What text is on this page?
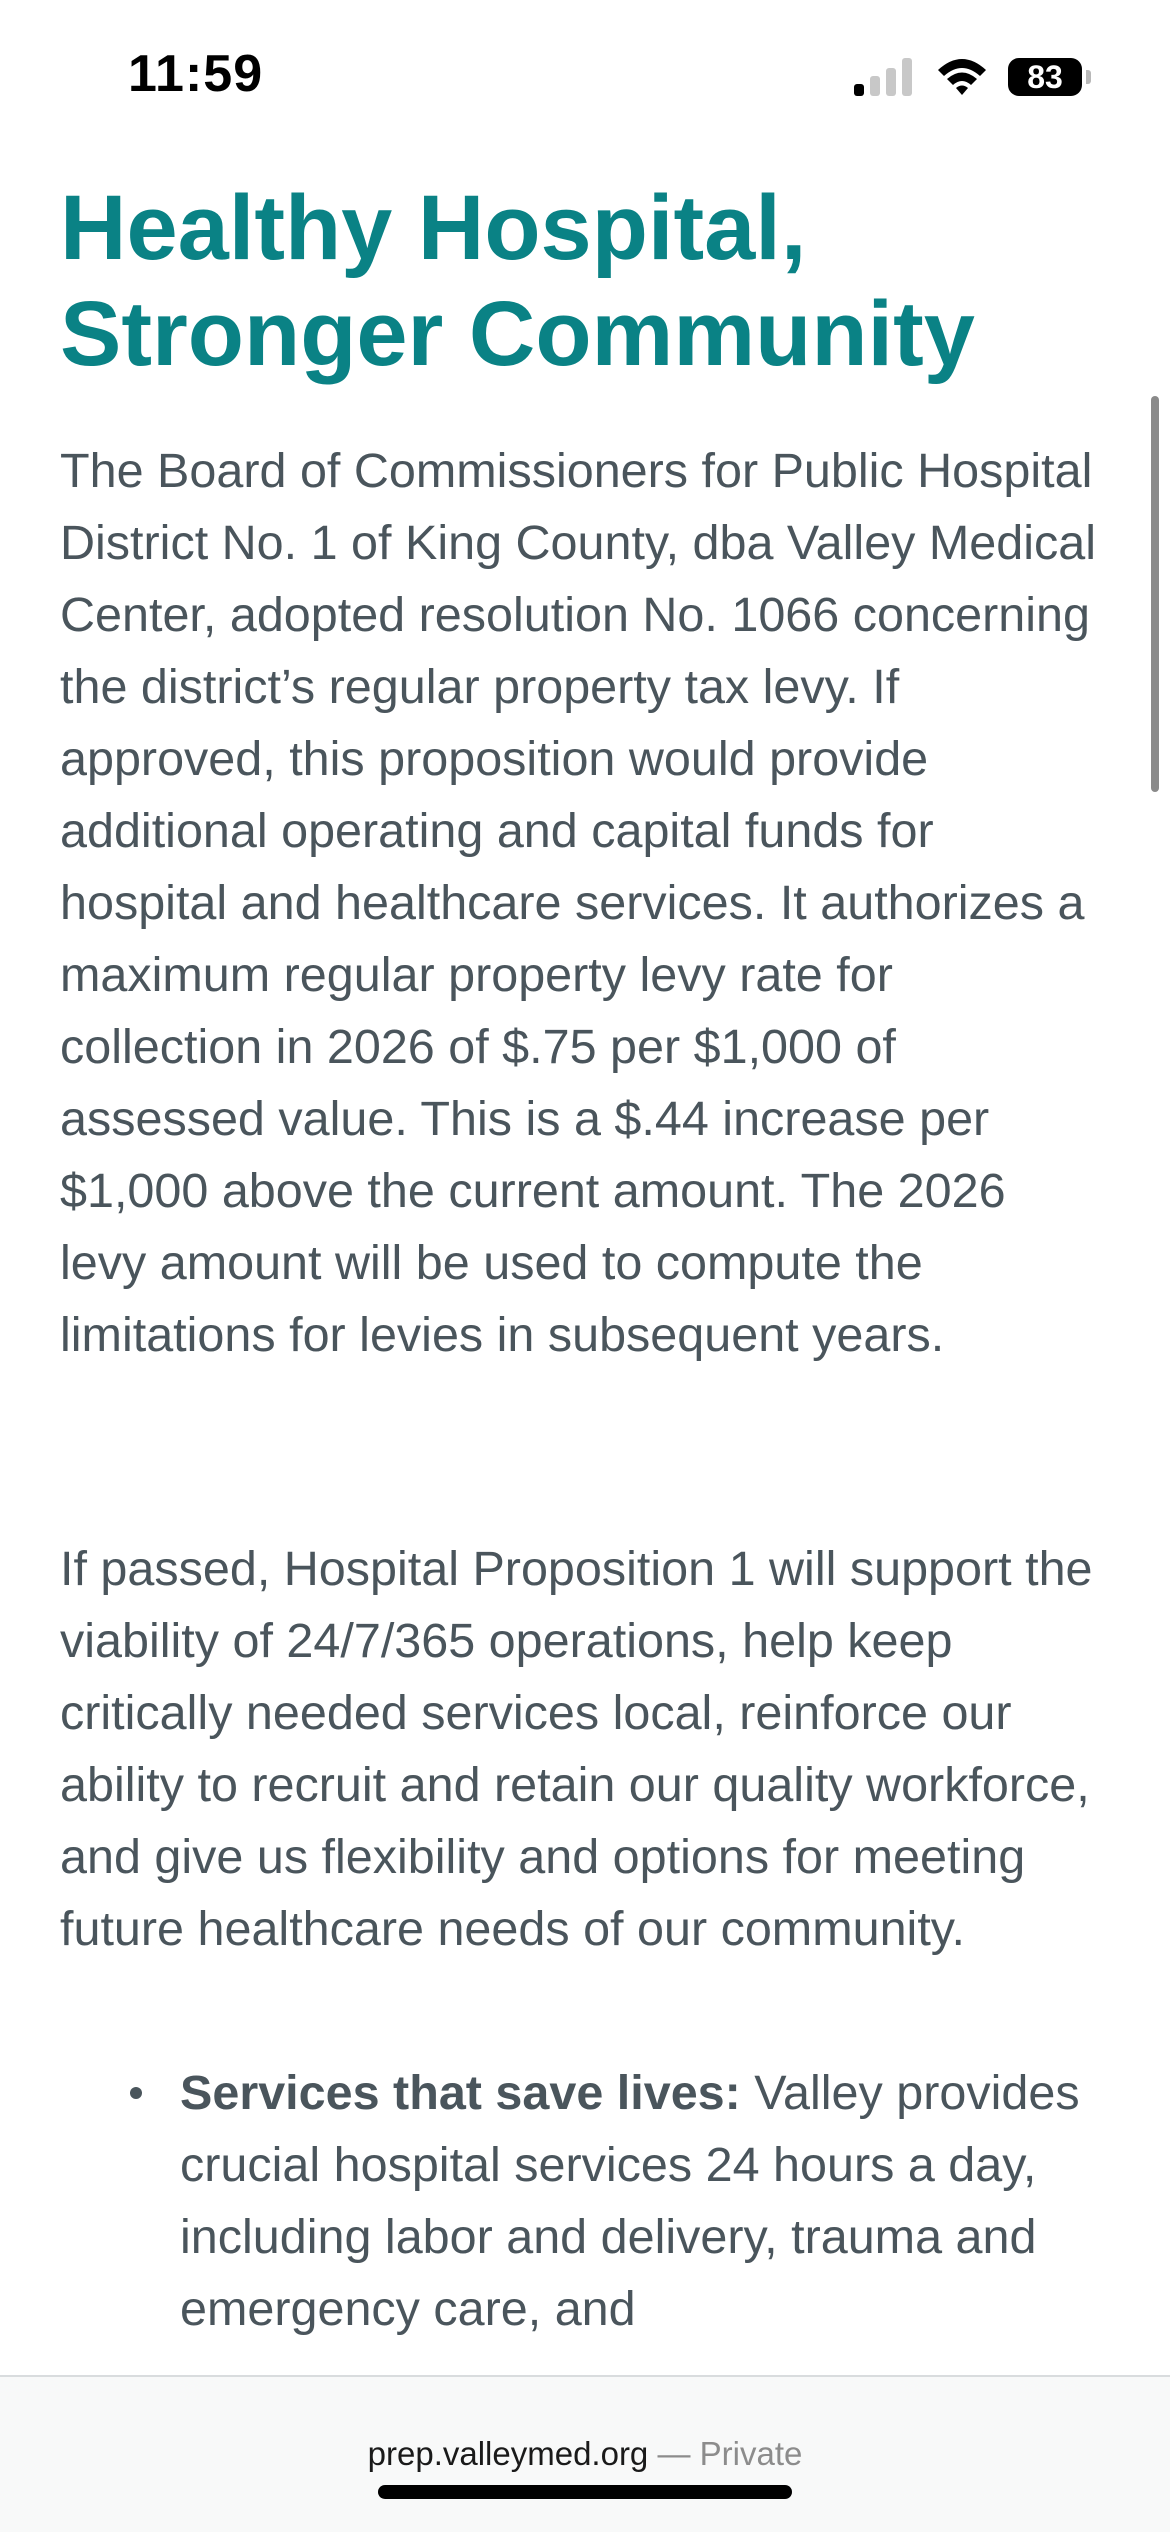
11:59	83
Healthy Hospital,
Stronger Community

The Board of Commissioners for Public Hospital District No. 1 of King County, dba Valley Medical Center, adopted resolution No. 1066 concerning the district’s regular property tax levy. If approved, this proposition would provide additional operating and capital funds for hospital and healthcare services. It authorizes a maximum regular property levy rate for collection in 2026 of $.75 per $1,000 of assessed value. This is a $.44 increase per $1,000 above the current amount. The 2026 levy amount will be used to compute the limitations for levies in subsequent years.

If passed, Hospital Proposition 1 will support the viability of 24/7/365 operations, help keep critically needed services local, reinforce our ability to recruit and retain our quality workforce, and give us flexibility and options for meeting future healthcare needs of our community.

Services that save lives: Valley provides crucial hospital services 24 hours a day, including labor and delivery, trauma and emergency care, and
prep.valleymed.org — Private
